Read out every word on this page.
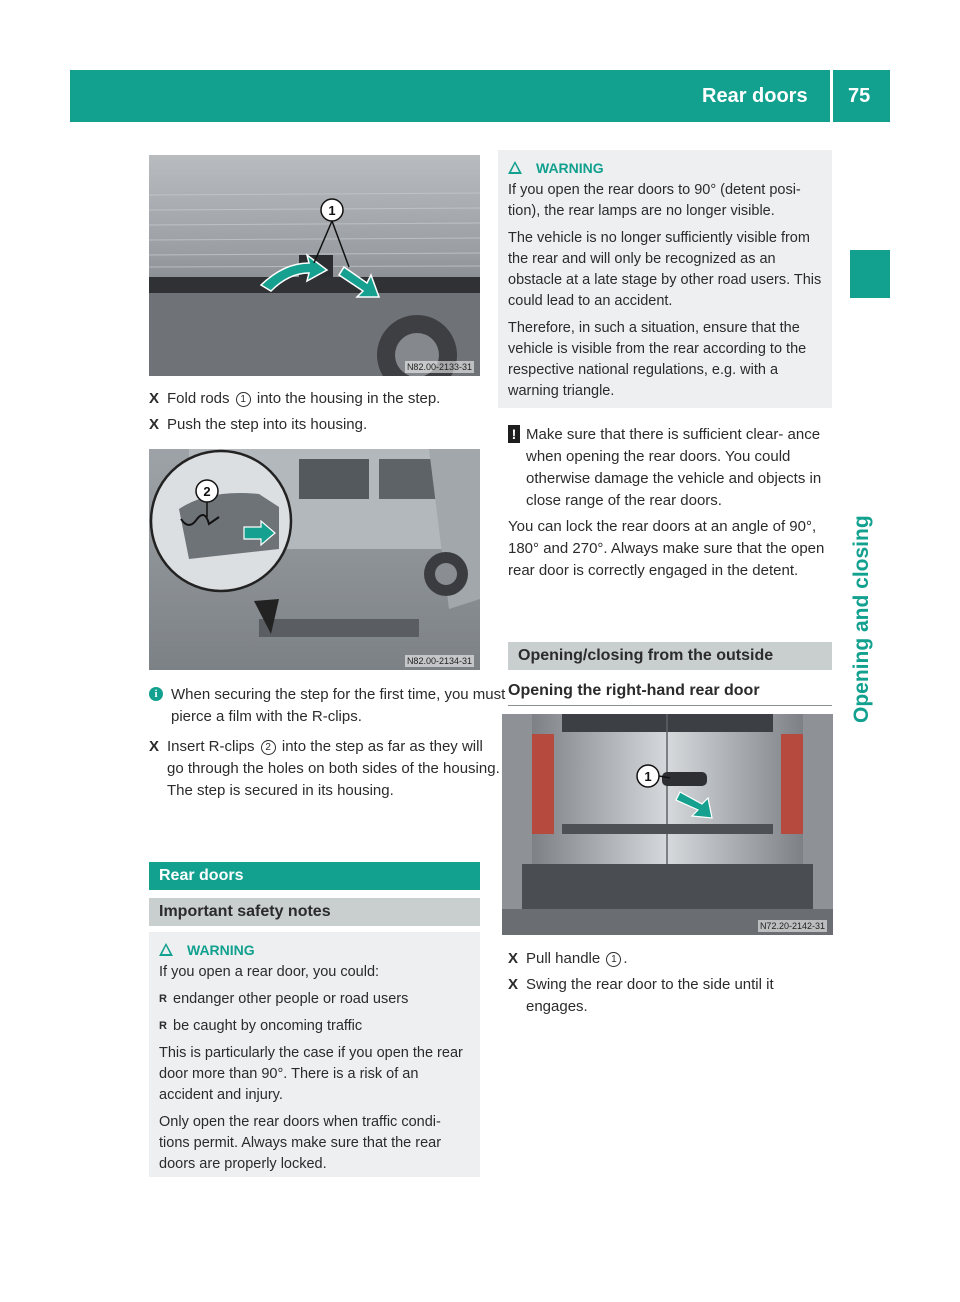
Rear doors 75
Opening and closing
1
N82.00-2133-31
X Fold rods 1 into the housing in the step.
X Push the step into its housing.
2
N82.00-2134-31
i When securing the step for the first time, you must pierce a film with the R-clips.
X Insert R-clips 2 into the step as far as they will go through the holes on both sides of the housing.
The step is secured in its housing.
Rear doors
Important safety notes
WARNING

If you open a rear door, you could:

R endanger other people or road users
R be caught by oncoming traffic

This is particularly the case if you open the rear door more than 90°. There is a risk of an accident and injury.

Only open the rear doors when traffic condi- tions permit. Always make sure that the rear doors are properly locked.

WARNING

If you open the rear doors to 90° (detent posi- tion), the rear lamps are no longer visible.

The vehicle is no longer sufficiently visible from the rear and will only be recognized as an obstacle at a late stage by other road users. This could lead to an accident.

Therefore, in such a situation, ensure that the vehicle is visible from the rear according to the respective national regulations, e.g. with a warning triangle.

! Make sure that there is sufficient clear- ance when opening the rear doors. You could otherwise damage the vehicle and objects in close range of the rear doors.
You can lock the rear doors at an angle of 90°, 180° and 270°. Always make sure that the open rear door is correctly engaged in the detent.
Opening/closing from the outside
Opening the right-hand rear door
1
N72.20-2142-31
X Pull handle 1 .
X Swing the rear door to the side until it engages.
